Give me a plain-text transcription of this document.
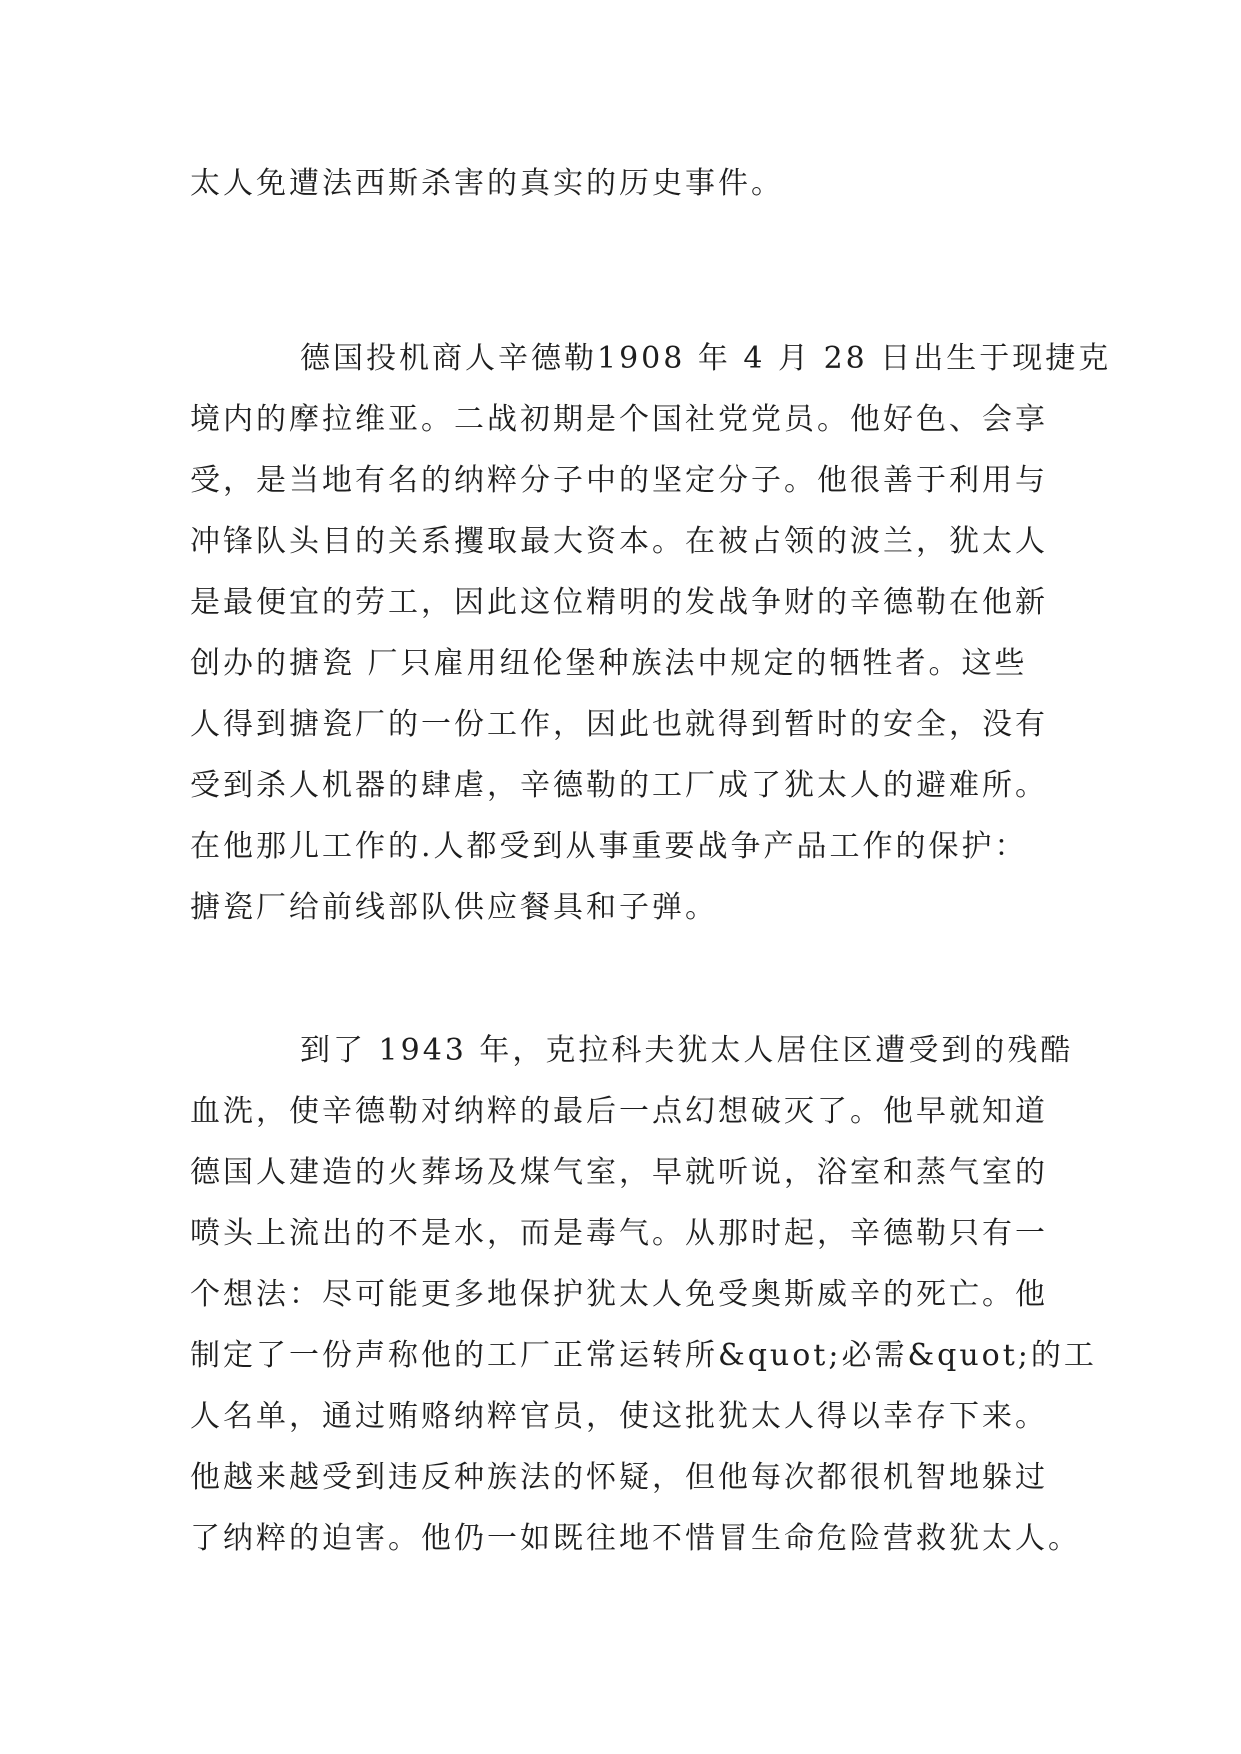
太人免遭法西斯杀害的真实的历史事件。
德国投机商人辛德勒1908 年 4 月 28 日出生于现捷克
境内的摩拉维亚。二战初期是个国社党党员。他好色、会享
受，是当地有名的纳粹分子中的坚定分子。他很善于利用与
冲锋队头目的关系攫取最大资本。在被占领的波兰，犹太人
是最便宜的劳工，因此这位精明的发战争财的辛德勒在他新
创办的搪瓷 厂只雇用纽伦堡种族法中规定的牺牲者。这些
人得到搪瓷厂的一份工作，因此也就得到暂时的安全，没有
受到杀人机器的肆虐，辛德勒的工厂成了犹太人的避难所。
在他那儿工作的.人都受到从事重要战争产品工作的保护：
搪瓷厂给前线部队供应餐具和子弹。
到了 1943 年，克拉科夫犹太人居住区遭受到的残酷
血洗，使辛德勒对纳粹的最后一点幻想破灭了。他早就知道
德国人建造的火葬场及煤气室，早就听说，浴室和蒸气室的
喷头上流出的不是水，而是毒气。从那时起，辛德勒只有一
个想法：尽可能更多地保护犹太人免受奥斯威辛的死亡。他
制定了一份声称他的工厂正常运转所&quot;必需&quot;的工
人名单，通过贿赂纳粹官员，使这批犹太人得以幸存下来。
他越来越受到违反种族法的怀疑，但他每次都很机智地躲过
了纳粹的迫害。他仍一如既往地不惜冒生命危险营救犹太人。
